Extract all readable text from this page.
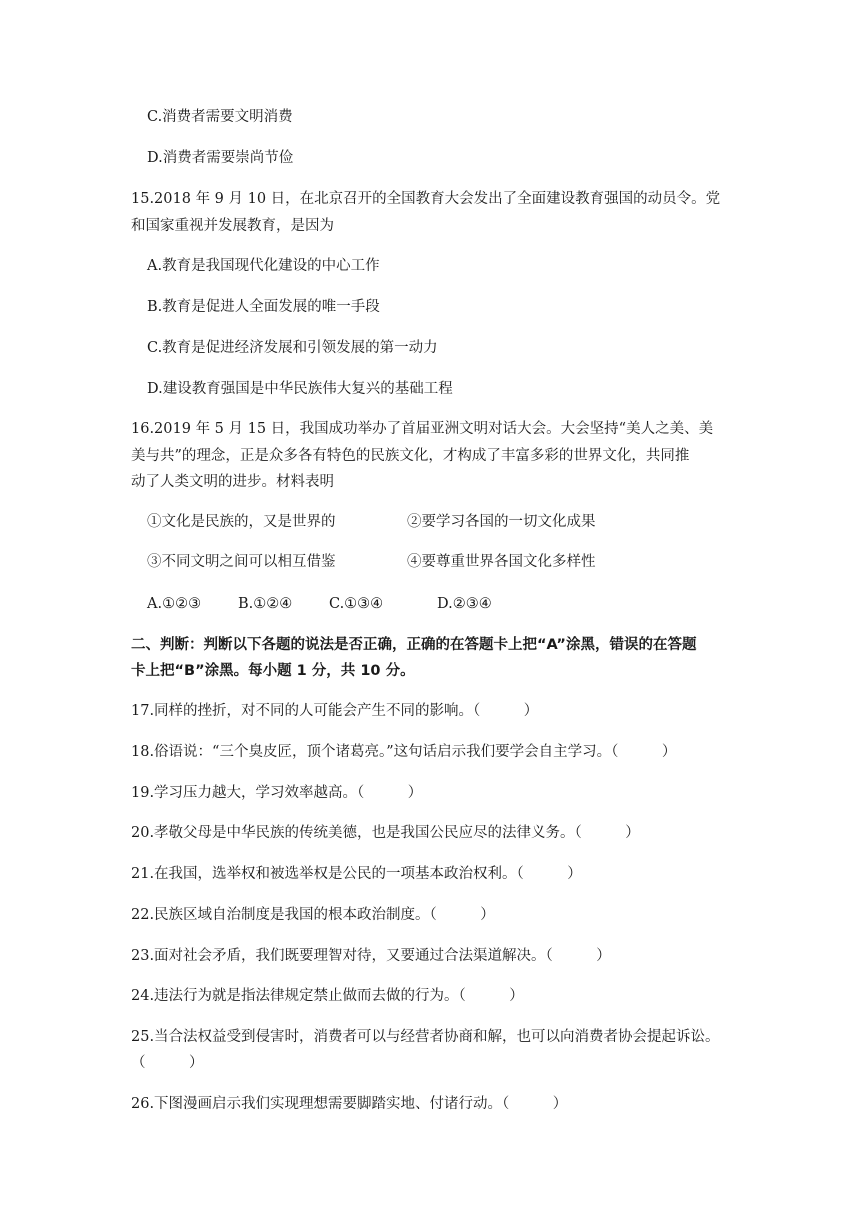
C.消费者需要文明消费
D.消费者需要崇尚节俭
15.2018 年 9 月 10 日，在北京召开的全国教育大会发出了全面建设教育强国的动员令。党
和国家重视并发展教育，是因为
A.教育是我国现代化建设的中心工作
B.教育是促进人全面发展的唯一手段
C.教育是促进经济发展和引领发展的第一动力
D.建设教育强国是中华民族伟大复兴的基础工程
16.2019 年 5 月 15 日，我国成功举办了首届亚洲文明对话大会。大会坚持“美人之美、美
美与共”的理念，正是众多各有特色的民族文化，才构成了丰富多彩的世界文化，共同推
动了人类文明的进步。材料表明
①文化是民族的，又是世界的	②要学习各国的一切文化成果
③不同文明之间可以相互借鉴	④要尊重世界各国文化多样性
A.①②③	B.①②④	C.①③④	D.②③④
二、判断：判断以下各题的说法是否正确，正确的在答题卡上把“A”涂黑，错误的在答题
卡上把“B”涂黑。每小题 1 分，共 10 分。
17.同样的挫折，对不同的人可能会产生不同的影响。（　　　）
18.俗语说：“三个臭皮匠，顶个诸葛亮。”这句话启示我们要学会自主学习。（　　　）
19.学习压力越大，学习效率越高。（　　　）
20.孝敬父母是中华民族的传统美德，也是我国公民应尽的法律义务。（　　　）
21.在我国，选举权和被选举权是公民的一项基本政治权利。（　　　）
22.民族区域自治制度是我国的根本政治制度。（　　　）
23.面对社会矛盾，我们既要理智对待，又要通过合法渠道解决。（　　　）
24.违法行为就是指法律规定禁止做而去做的行为。（　　　）
25.当合法权益受到侵害时，消费者可以与经营者协商和解，也可以向消费者协会提起诉讼。
（　　　）
26.下图漫画启示我们实现理想需要脚踏实地、付诸行动。（　　　）
